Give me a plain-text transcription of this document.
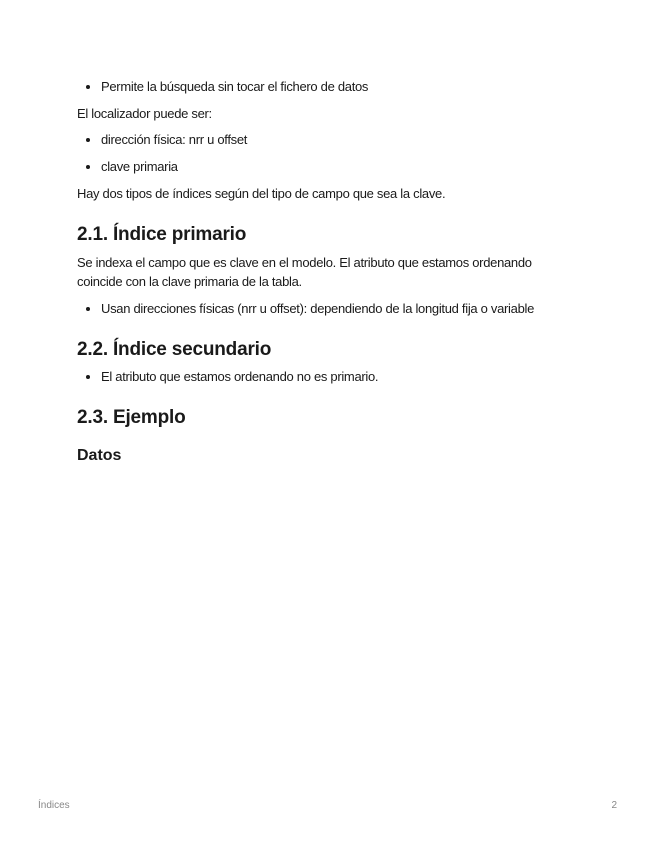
Permite la búsqueda sin tocar el fichero de datos

El localizador puede ser:

dirección física: nrr u offset
clave primaria

Hay dos tipos de índices según del tipo de campo que sea la clave.

2.1. Índice primario

Se indexa el campo que es clave en el modelo. El atributo que estamos ordenando coincide con la clave primaria de la tabla.

Usan direcciones físicas (nrr u offset): dependiendo de la longitud fija o variable
2.2. Índice secundario
El atributo que estamos ordenando no es primario.
2.3. Ejemplo
Datos
Índices	2
